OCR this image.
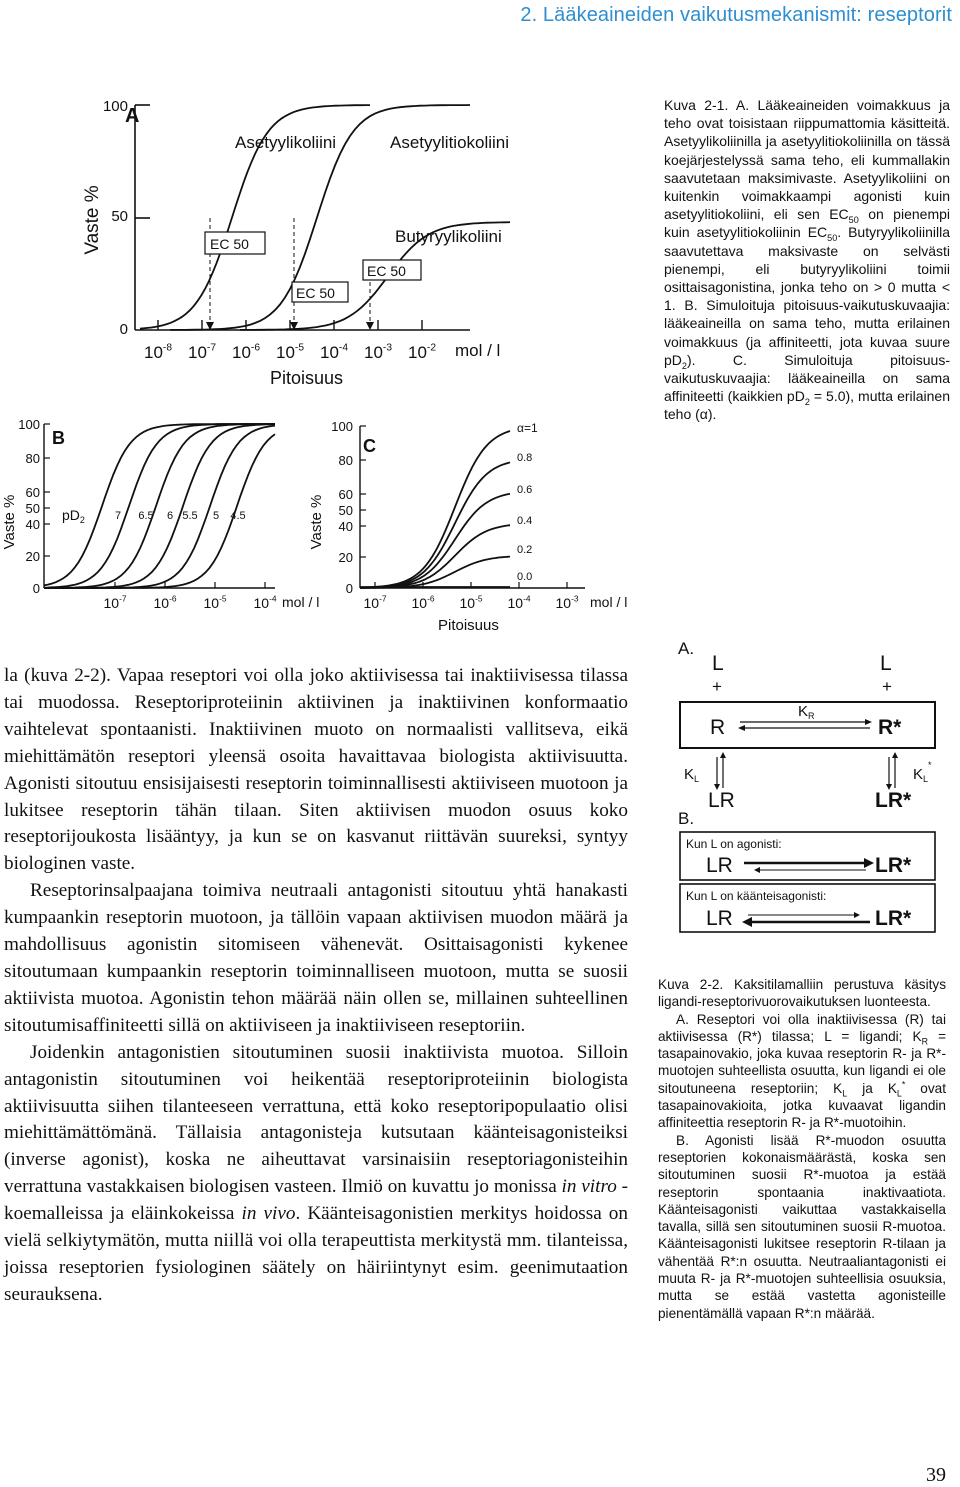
2. Lääkeaineiden vaikutusmekanismit: reseptorit
A
Vaste %
100
50
0
Asetyylikoliini	Asetyylitiokoliini
Butyryylikoliini
EC 50
EC 50
EC 50
$10^{-8}$ $10^{-7}$ $10^{-6}$ $10^{-5}$ $10^{-4}$ $10^{-3}$ $10^{-2}$ mol / l
Pitoisuus

Kuva 2-1. A. Lääkeaineiden voimakkuus ja teho ovat toisistaan riippumattomia käsitteitä. Asetyylikoliinilla ja asetyylitiokoliinilla on tässä koejärjestelyssä sama teho, eli kummallakin saavutetaan maksimivaste. Asetyylikoliini on kuitenkin voimakkaampi agonisti kuin asetyylitiokoliini, eli sen $EC_{50}$ on pienempi kuin asetyylitiokoliinin $EC_{50}$. Butyryylikoliinilla saavutettava maksivaste on selvästi pienempi, eli butyryylikoliini toimii osittaisagonistina, jonka teho on > 0 mutta < 1. B. Simuloituja pitoisuus-vaikutuskuvaajia: lääkeaineilla on sama teho, mutta erilainen voimakkuus (ja affiniteetti, jota kuvaa suure $pD_2$). C. Simuloituja pitoisuus-vaikutuskuvaajia: lääkeaineilla on sama affiniteetti (kaikkien $pD_2 = 5.0$), mutta erilainen teho (α).

B
Vaste %
100
80
60
50
40
20
0
$pD_2$	7 6.5 6 5.5 5 4.5
$10^{-7}$ $10^{-6}$ $10^{-5}$ $10^{-4}$ mol / l
C
Vaste %
100
80
60
50
40
20
0
α=1
0.8
0.6
0.4
0.2
0.0
$10^{-7}$ $10^{-6}$ $10^{-5}$ $10^{-4}$ $10^{-3}$ mol / l
Pitoisuus
A.
L
+
L
+
R	R*
$K_R$
$K_L$	$K_L^*$
LR	LR*
B.
Kun L on agonisti:
LR	LR*
Kun L on käänteisagonisti:
LR	LR*

Kuva 2-2. Kaksitilamalliin perustuva käsitys ligandi-reseptorivuorovaikutuksen luonteesta.

A. Reseptori voi olla inaktiivisessa (R) tai aktiivisessa (R*) tilassa; L = ligandi; $K_R$ = tasapainovakio, joka kuvaa reseptorin R- ja R*-muotojen suhteellista osuutta, kun ligandi ei ole sitoutuneena reseptoriin; $K_L$ ja $K_L^*$ ovat tasapainovakioita, jotka kuvaavat ligandin affiniteettia reseptorin R- ja R*-muotoihin.

B. Agonisti lisää R*-muodon osuutta reseptorien kokonaismäärästä, koska sen sitoutuminen suosii R*-muotoa ja estää reseptorin spontaania inaktivaatiota. Käänteisagonisti vaikuttaa vastakkaisella tavalla, sillä sen sitoutuminen suosii R-muotoa. Käänteisagonisti lukitsee reseptorin R-tilaan ja vähentää R*:n osuutta. Neutraaliantagonisti ei muuta R- ja R*-muotojen suhteellisia osuuksia, mutta se estää vastetta agonisteille pienentämällä vapaan R*:n määrää.

la (kuva 2-2). Vapaa reseptori voi olla joko aktiivisessa tai inaktiivisessa tilassa tai muodossa. Reseptoriproteiinin aktiivinen ja inaktiivinen konformaatio vaihtelevat spontaanisti. Inaktiivinen muoto on normaalisti vallitseva, eikä miehittämätön reseptori yleensä osoita havaittavaa biologista aktiivisuutta. Agonisti sitoutuu ensisijaisesti reseptorin toiminnallisesti aktiiviseen muotoon ja lukitsee reseptorin tähän tilaan. Siten aktiivisen muodon osuus koko reseptorijoukosta lisääntyy, ja kun se on kasvanut riittävän suureksi, syntyy biologinen vaste.

Reseptorinsalpaajana toimiva neutraali antagonisti sitoutuu yhtä hanakasti kumpaankin reseptorin muotoon, ja tällöin vapaan aktiivisen muodon määrä ja mahdollisuus agonistin sitomiseen vähenevät. Osittaisagonisti kykenee sitoutumaan kumpaankin reseptorin toiminnalliseen muotoon, mutta se suosii aktiivista muotoa. Agonistin tehon määrää näin ollen se, millainen suhteellinen sitoutumisaffiniteetti sillä on aktiiviseen ja inaktiiviseen reseptoriin.

Joidenkin antagonistien sitoutuminen suosii inaktiivista muotoa. Silloin antagonistin sitoutuminen voi heikentää reseptoriproteiinin biologista aktiivisuutta siihen tilanteeseen verrattuna, että koko reseptoripopulaatio olisi miehittämättömänä. Tällaisia antagonisteja kutsutaan käänteisagonisteiksi (inverse agonist), koska ne aiheuttavat varsinaisiin reseptoriagonisteihin verrattuna vastakkaisen biologisen vasteen. Ilmiö on kuvattu jo monissa in vitro -koemalleissa ja eläinkokeissa in vivo. Käänteisagonistien merkitys hoidossa on vielä selkiytymätön, mutta niillä voi olla terapeuttista merkitystä mm. tilanteissa, joissa reseptorien fysiologinen säätely on häiriintynyt esim. geenimutaation seurauksena.

39
